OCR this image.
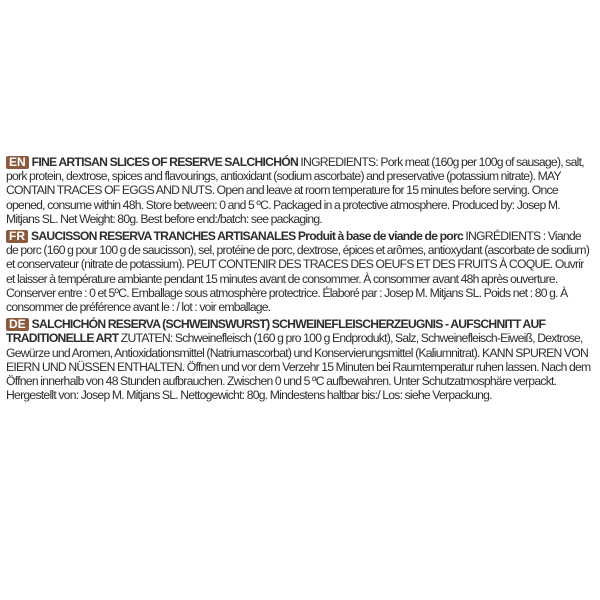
EN FINE ARTISAN SLICES OF RESERVE SALCHICHÓN INGREDIENTS: Pork meat (160g per 100g of sausage), salt, pork protein, dextrose, spices and flavourings, antioxidant (sodium ascorbate) and preservative (potassium nitrate). MAY CONTAIN TRACES OF EGGS AND NUTS. Open and leave at room temperature for 15 minutes before serving. Once opened, consume within 48h. Store between: 0 and 5 ºC. Packaged in a protective atmosphere. Produced by: Josep M. Mitjans SL. Net Weight: 80g. Best before end:/batch: see packaging.

FR SAUCISSON RESERVA TRANCHES ARTISANALES Produit à base de viande de porc INGRÉDIENTS : Viande de porc (160 g pour 100 g de saucisson), sel, protéine de porc, dextrose, épices et arômes, antioxydant (ascorbate de sodium) et conservateur (nitrate de potassium). PEUT CONTENIR DES TRACES DES OEUFS ET DES FRUITS À COQUE. Ouvrir et laisser à température ambiante pendant 15 minutes avant de consommer. À consommer avant 48h après ouverture. Conserver entre : 0 et 5ºC. Emballage sous atmosphère protectrice. Élaboré par : Josep M. Mitjans SL. Poids net : 80 g. À consommer de préférence avant le : / lot : voir emballage.

DE SALCHICHÓN RESERVA (SCHWEINSWURST) SCHWEINEFLEISCHERZEUGNIS - AUFSCHNITT AUF TRADITIONELLE ART ZUTATEN: Schweinefleisch (160 g pro 100 g Endprodukt), Salz, Schweinefleisch-Eiweiß, Dextrose, Gewürze und Aromen, Antioxidationsmittel (Natriumascorbat) und Konservierungsmittel (Kaliumnitrat). KANN SPUREN VON EIERN UND NÜSSEN ENTHALTEN. Öffnen und vor dem Verzehr 15 Minuten bei Raumtemperatur ruhen lassen. Nach dem Öffnen innerhalb von 48 Stunden aufbrauchen. Zwischen 0 und 5 ºC aufbewahren. Unter Schutzatmosphäre verpackt. Hergestellt von: Josep M. Mitjans SL. Nettogewicht: 80g. Mindestens haltbar bis:/ Los: siehe Verpackung.
